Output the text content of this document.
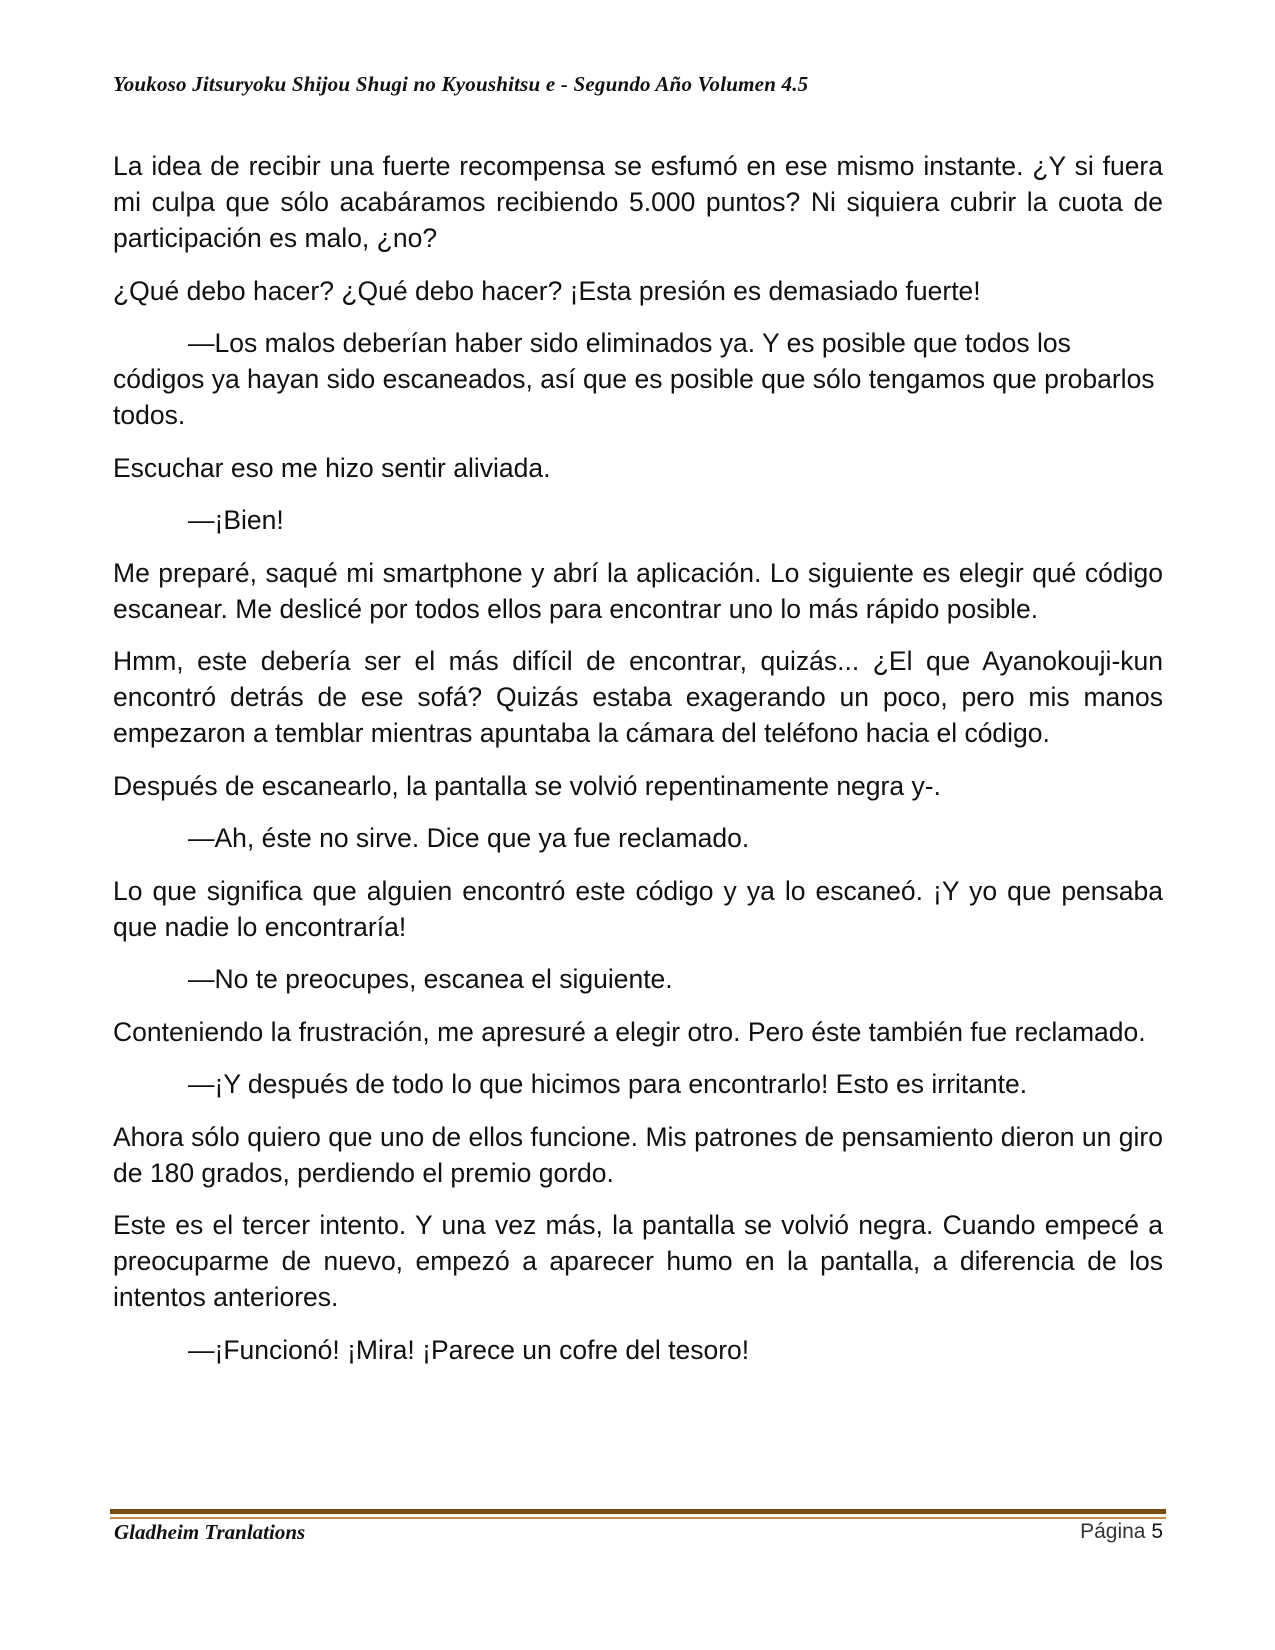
Youkoso Jitsuryoku Shijou Shugi no Kyoushitsu e - Segundo Año Volumen 4.5

La idea de recibir una fuerte recompensa se esfumó en ese mismo instante. ¿Y si fuera mi culpa que sólo acabáramos recibiendo 5.000 puntos? Ni siquiera cubrir la cuota de participación es malo, ¿no?

¿Qué debo hacer? ¿Qué debo hacer? ¡Esta presión es demasiado fuerte!

—Los malos deberían haber sido eliminados ya. Y es posible que todos los códigos ya hayan sido escaneados, así que es posible que sólo tengamos que probarlos todos.

Escuchar eso me hizo sentir aliviada.

—¡Bien!

Me preparé, saqué mi smartphone y abrí la aplicación. Lo siguiente es elegir qué código escanear. Me deslicé por todos ellos para encontrar uno lo más rápido posible.

Hmm, este debería ser el más difícil de encontrar, quizás... ¿El que Ayanokouji-kun encontró detrás de ese sofá? Quizás estaba exagerando un poco, pero mis manos empezaron a temblar mientras apuntaba la cámara del teléfono hacia el código.

Después de escanearlo, la pantalla se volvió repentinamente negra y-.

—Ah, éste no sirve. Dice que ya fue reclamado.

Lo que significa que alguien encontró este código y ya lo escaneó. ¡Y yo que pensaba que nadie lo encontraría!

—No te preocupes, escanea el siguiente.

Conteniendo la frustración, me apresuré a elegir otro. Pero éste también fue reclamado.

—¡Y después de todo lo que hicimos para encontrarlo! Esto es irritante.

Ahora sólo quiero que uno de ellos funcione. Mis patrones de pensamiento dieron un giro de 180 grados, perdiendo el premio gordo.

Este es el tercer intento. Y una vez más, la pantalla se volvió negra. Cuando empecé a preocuparme de nuevo, empezó a aparecer humo en la pantalla, a diferencia de los intentos anteriores.

—¡Funcionó! ¡Mira! ¡Parece un cofre del tesoro!

Gladheim Tranlations	Página 5
